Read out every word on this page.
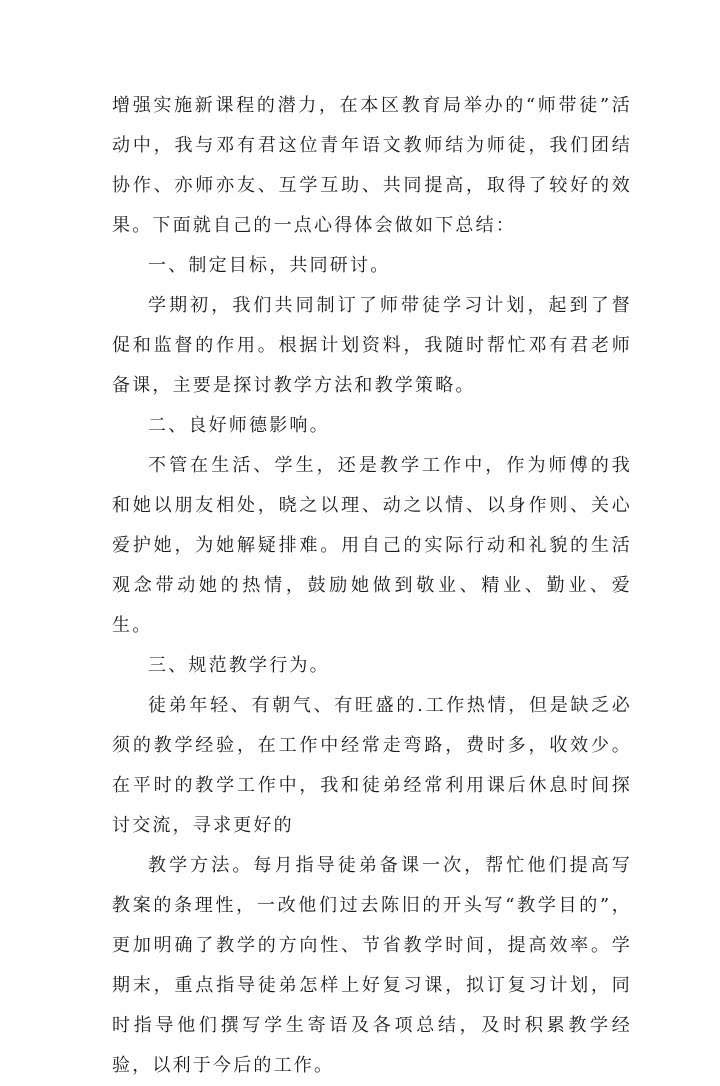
增强实施新课程的潜力，在本区教育局举办的“师带徒”活动中，我与邓有君这位青年语文教师结为师徒，我们团结协作、亦师亦友、互学互助、共同提高，取得了较好的效果。下面就自己的一点心得体会做如下总结：

一、制定目标，共同研讨。

学期初，我们共同制订了师带徒学习计划，起到了督促和监督的作用。根据计划资料，我随时帮忙邓有君老师备课，主要是探讨教学方法和教学策略。

二、良好师德影响。

不管在生活、学生，还是教学工作中，作为师傅的我和她以朋友相处，晓之以理、动之以情、以身作则、关心爱护她，为她解疑排难。用自己的实际行动和礼貌的生活观念带动她的热情，鼓励她做到敬业、精业、勤业、爱生。

三、规范教学行为。

徒弟年轻、有朝气、有旺盛的.工作热情，但是缺乏必须的教学经验，在工作中经常走弯路，费时多，收效少。在平时的教学工作中，我和徒弟经常利用课后休息时间探讨交流，寻求更好的

教学方法。每月指导徒弟备课一次，帮忙他们提高写教案的条理性，一改他们过去陈旧的开头写“教学目的”，更加明确了教学的方向性、节省教学时间，提高效率。学期末，重点指导徒弟怎样上好复习课，拟订复习计划，同时指导他们撰写学生寄语及各项总结，及时积累教学经验，以利于今后的工作。
